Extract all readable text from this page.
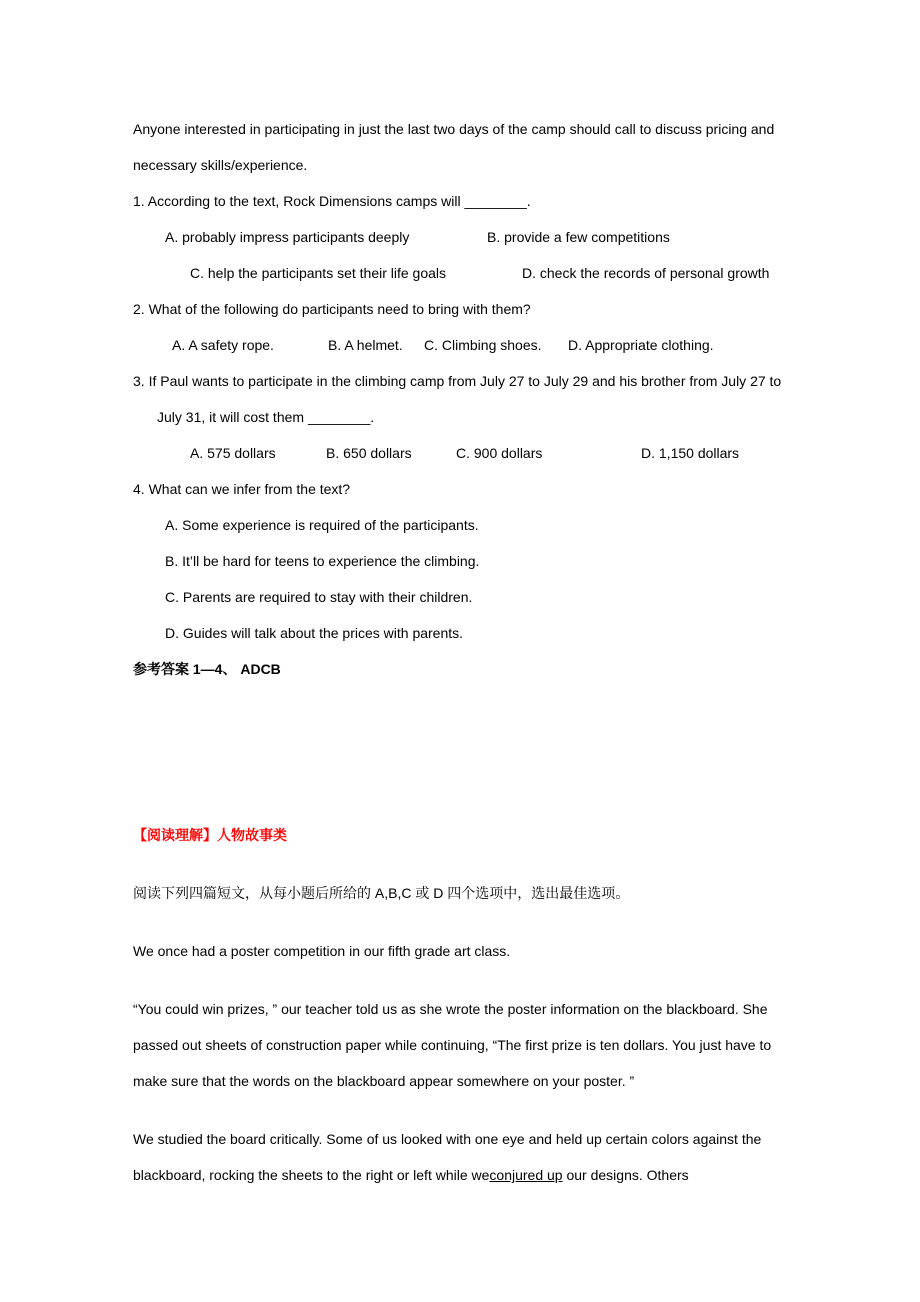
Anyone interested in participating in just the last two days of the camp should call to discuss pricing and necessary skills/experience.

1. According to the text, Rock Dimensions camps will ________.

A. probably impress participants deeply	B. provide a few competitions
C. help the participants set their life goals	D. check the records of personal growth

2. What of the following do participants need to bring with them?

A. A safety rope.	B. A helmet. C. Climbing shoes. D. Appropriate clothing.

3. If Paul wants to participate in the climbing camp from July 27 to July 29 and his brother from July 27 to July 31, it will cost them ________.

A. 575 dollars	B. 650 dollars	C. 900 dollars	D. 1,150 dollars

4. What can we infer from the text?

A. Some experience is required of the participants.

B. It’ll be hard for teens to experience the climbing.

C. Parents are required to stay with their children.

D. Guides will talk about the prices with parents.

参考答案 1—4、 ADCB

【阅读理解】人物故事类

阅读下列四篇短文，从每小题后所给的 A,B,C 或 D 四个选项中，选出最佳选项。

We once had a poster competition in our fifth grade art class.

“You could win prizes, ” our teacher told us as she wrote the poster information on the blackboard. She passed out sheets of construction paper while continuing, “The first prize is ten dollars. You just have to make sure that the words on the blackboard appear somewhere on your poster. ”

We studied the board critically. Some of us looked with one eye and held up certain colors against the blackboard, rocking the sheets to the right or left while weconjured up our designs. Others
